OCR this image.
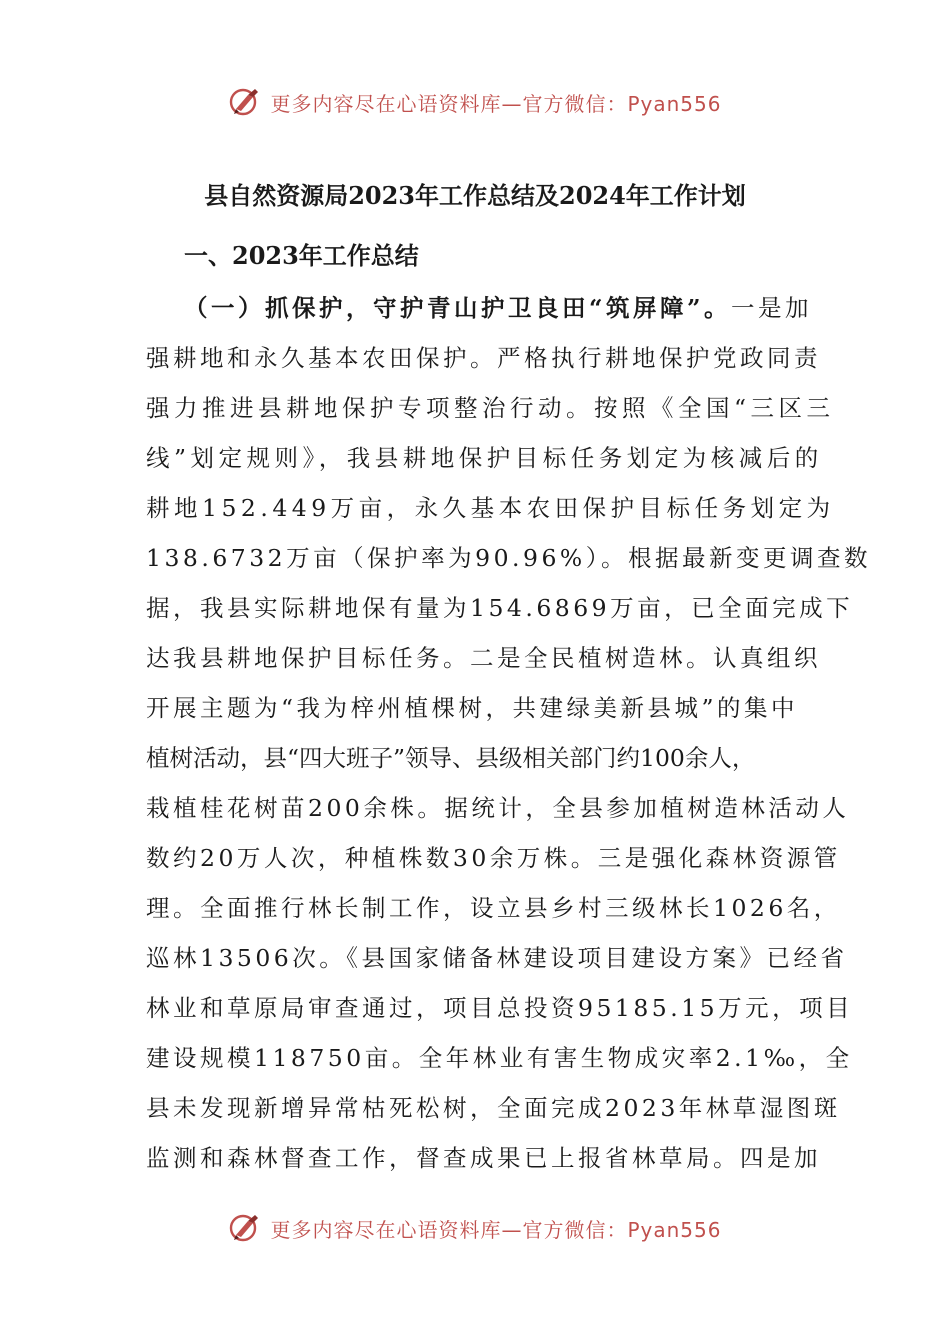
更多内容尽在心语资料库—官方微信：Pyan556
县自然资源局2023年工作总结及2024年工作计划
一、2023年工作总结
（一）抓保护，守护青山护卫良田“筑屏障”。一是加
强耕地和永久基本农田保护。严格执行耕地保护党政同责
强力推进县耕地保护专项整治行动。按照《全国“三区三
线”划定规则》，我县耕地保护目标任务划定为核减后的
耕地152.449万亩，永久基本农田保护目标任务划定为
138.6732万亩（保护率为90.96%）。根据最新变更调查数
据，我县实际耕地保有量为154.6869万亩，已全面完成下
达我县耕地保护目标任务。二是全民植树造林。认真组织
开展主题为“我为梓州植棵树，共建绿美新县城”的集中
植树活动，县“四大班子”领导、县级相关部门约100余人，
栽植桂花树苗200余株。据统计，全县参加植树造林活动人
数约20万人次，种植株数30余万株。三是强化森林资源管
理。全面推行林长制工作，设立县乡村三级林长1026名，
巡林13506次。《县国家储备林建设项目建设方案》已经省
林业和草原局审查通过，项目总投资95185.15万元，项目
建设规模118750亩。全年林业有害生物成灾率2.1‰，全
县未发现新增异常枯死松树，全面完成2023年林草湿图斑
监测和森林督查工作，督查成果已上报省林草局。四是加
更多内容尽在心语资料库—官方微信：Pyan556
